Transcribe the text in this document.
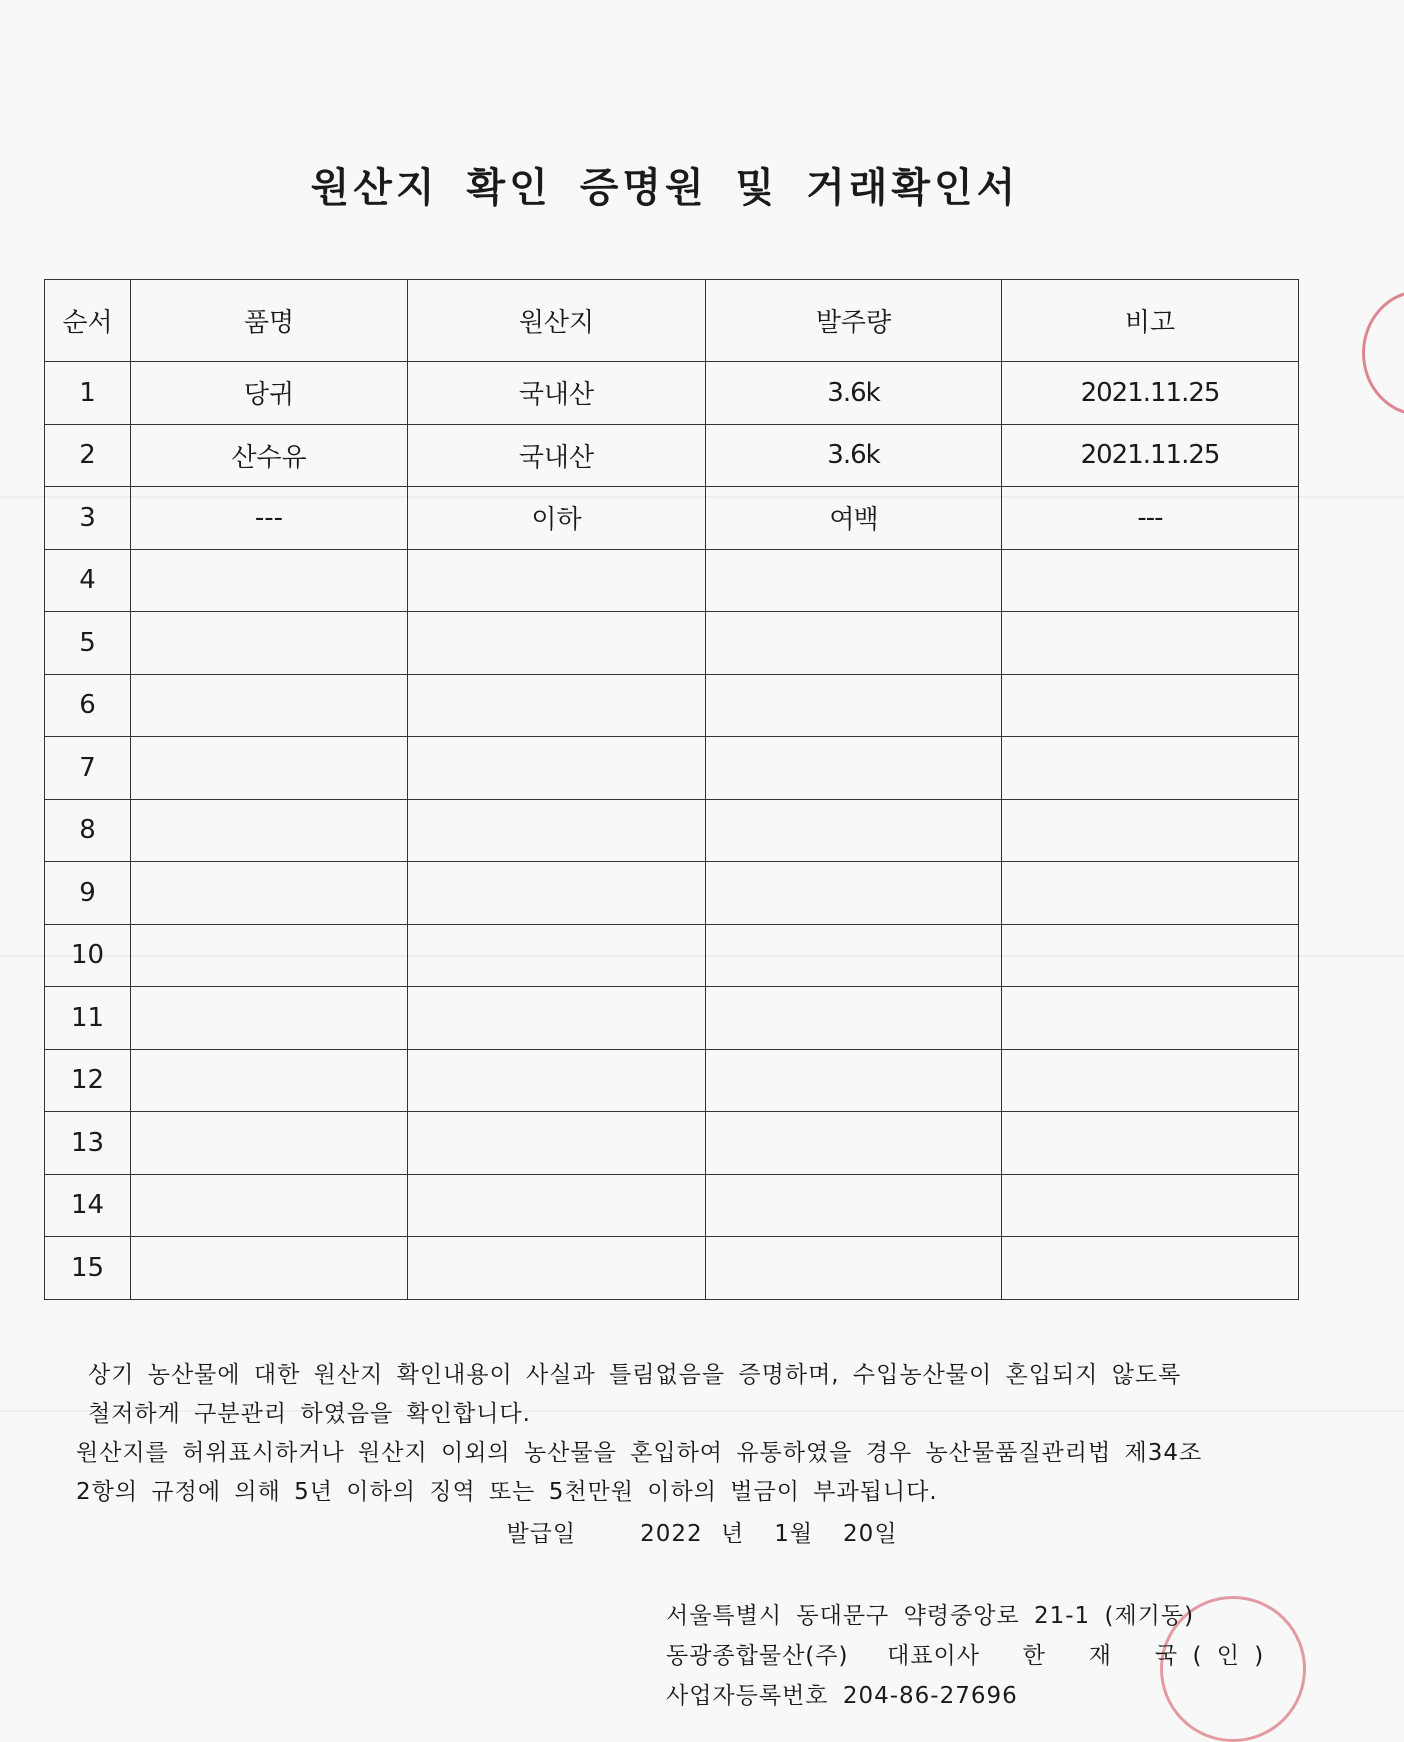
원산지 확인 증명원 및 거래확인서
순서	품명	원산지	발주량	비고
1	당귀	국내산	3.6k	2021.11.25
2	산수유	국내산	3.6k	2021.11.25
3	---	이하	여백	---
4				
5				
6				
7				
8				
9				
10				
11				
12				
13				
14				
15				

상기 농산물에 대한 원산지 확인내용이 사실과 틀림없음을 증명하며, 수입농산물이 혼입되지 않도록

철저하게 구분관리 하였음을 확인합니다.

원산지를 허위표시하거나 원산지 이외의 농산물을 혼입하여 유통하였을 경우 농산물품질관리법 제34조

2항의 규정에 의해 5년 이하의 징역 또는 5천만원 이하의 벌금이 부과됩니다.

발급일	2022 년 1월 20일

서울특별시 동대문구 약령중앙로 21-1 (제기동)

동광종합물산(주) 대표이사 한   재   국 ( 인 )

사업자등록번호 204-86-27696
